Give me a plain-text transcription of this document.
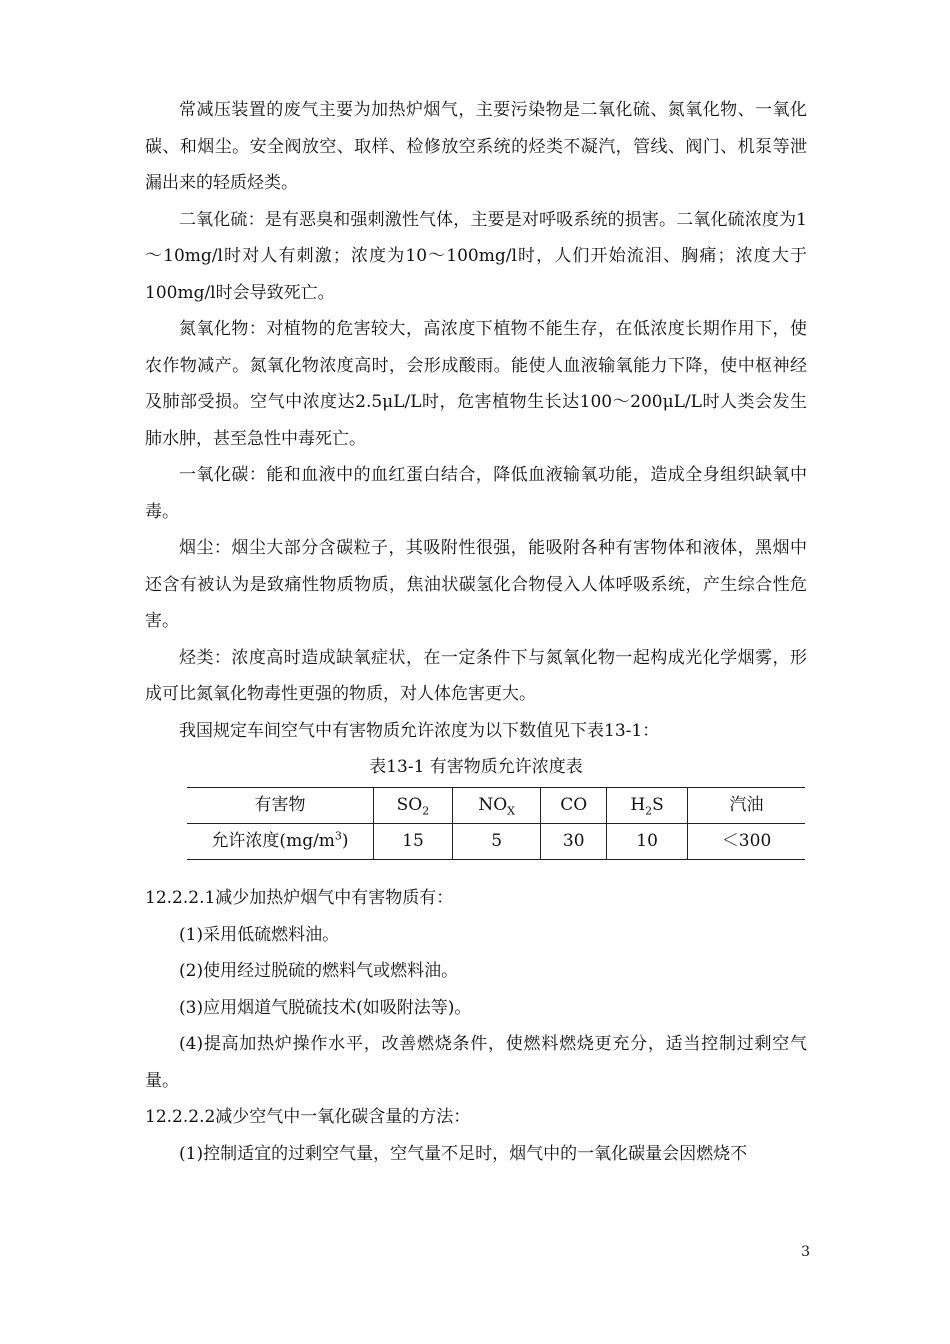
常减压装置的废气主要为加热炉烟气，主要污染物是二氧化硫、氮氧化物、一氧化碳、和烟尘。安全阀放空、取样、检修放空系统的烃类不凝汽，管线、阀门、机泵等泄漏出来的轻质烃类。

二氧化硫：是有恶臭和强刺激性气体，主要是对呼吸系统的损害。二氧化硫浓度为1～10mg/l时对人有刺激；浓度为10～100mg/l时，人们开始流泪、胸痛；浓度大于100mg/l时会导致死亡。

氮氧化物：对植物的危害较大，高浓度下植物不能生存，在低浓度长期作用下，使农作物减产。氮氧化物浓度高时，会形成酸雨。能使人血液输氧能力下降，使中枢神经及肺部受损。空气中浓度达2.5μL/L时，危害植物生长达100～200μL/L时人类会发生肺水肿，甚至急性中毒死亡。

一氧化碳：能和血液中的血红蛋白结合，降低血液输氧功能，造成全身组织缺氧中毒。

烟尘：烟尘大部分含碳粒子，其吸附性很强，能吸附各种有害物体和液体，黑烟中还含有被认为是致痛性物质物质，焦油状碳氢化合物侵入人体呼吸系统，产生综合性危害。

烃类：浓度高时造成缺氧症状，在一定条件下与氮氧化物一起构成光化学烟雾，形成可比氮氧化物毒性更强的物质，对人体危害更大。

我国规定车间空气中有害物质允许浓度为以下数值见下表13-1：

表13-1 有害物质允许浓度表
有害物	$SO_2$	$NO_X$	CO	$H_2S$	汽油
允许浓度$(mg/m^3)$	15	5	30	10	＜300

12.2.2.1减少加热炉烟气中有害物质有：

(1)采用低硫燃料油。

(2)使用经过脱硫的燃料气或燃料油。

(3)应用烟道气脱硫技术(如吸附法等)。

(4)提高加热炉操作水平，改善燃烧条件，使燃料燃烧更充分，适当控制过剩空气量。

12.2.2.2减少空气中一氧化碳含量的方法：

(1)控制适宜的过剩空气量，空气量不足时，烟气中的一氧化碳量会因燃烧不

3
